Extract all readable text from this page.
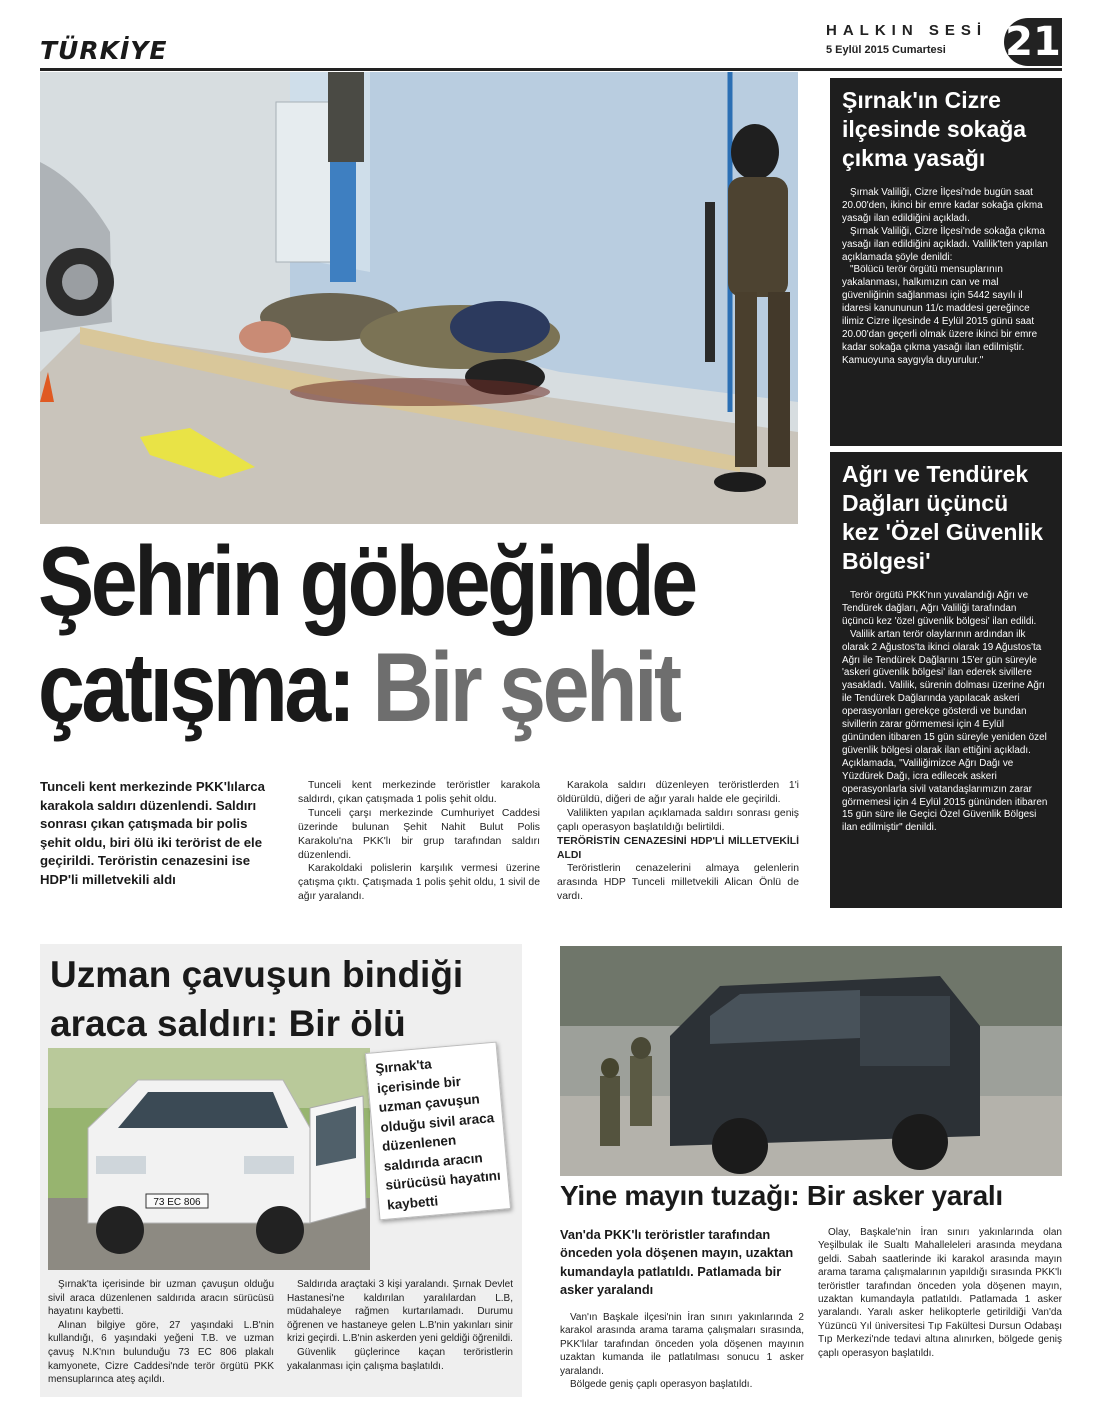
TÜRKİYE
HALKIN SESİ
5 Eylül 2015 Cumartesi 21
Şehrin göbeğinde
çatışma: Bir şehit
Tunceli kent merkezinde PKK'lılarca karakola saldırı düzenlendi. Saldırı sonrası çıkan çatışmada bir polis şehit oldu, biri ölü iki terörist de ele geçirildi. Teröristin cenazesini ise HDP'li milletvekili aldı

Tunceli kent merkezinde teröristler karakola saldırdı, çıkan çatışmada 1 polis şehit oldu.

Tunceli çarşı merkezinde Cumhuriyet Caddesi üzerinde bulunan Şehit Nahit Bulut Polis Karakolu'na PKK'lı bir grup tarafından saldırı düzenlendi.

Karakoldaki polislerin karşılık vermesi üzerine çatışma çıktı. Çatışmada 1 polis şehit oldu, 1 sivil de ağır yaralandı.

Karakola saldırı düzenleyen teröristlerden 1'i öldürüldü, diğeri de ağır yaralı halde ele geçirildi.

Valilikten yapılan açıklamada saldırı sonrası geniş çaplı operasyon başlatıldığı belirtildi.

TERÖRİSTİN CENAZESİNİ HDP'Lİ MİLLETVEKİLİ ALDI

Teröristlerin cenazelerini almaya gelenlerin arasında HDP Tunceli milletvekili Alican Önlü de vardı.

Şırnak'ın Cizre ilçesinde sokağa çıkma yasağı

Şırnak Valiliği, Cizre İlçesi'nde bugün saat 20.00'den, ikinci bir emre kadar sokağa çıkma yasağı ilan edildiğini açıkladı.

Şırnak Valiliği, Cizre İlçesi'nde sokağa çıkma yasağı ilan edildiğini açıkladı. Valilik'ten yapılan açıklamada şöyle denildi:

"Bölücü terör örgütü mensuplarının yakalanması, halkımızın can ve mal güvenliğinin sağlanması için 5442 sayılı il idaresi kanununun 11/c maddesi gereğince ilimiz Cizre ilçesinde 4 Eylül 2015 günü saat 20.00'dan geçerli olmak üzere ikinci bir emre kadar sokağa çıkma yasağı ilan edilmiştir. Kamuoyuna saygıyla duyurulur."

Ağrı ve Tendürek Dağları üçüncü kez 'Özel Güvenlik Bölgesi'

Terör örgütü PKK'nın yuvalandığı Ağrı ve Tendürek dağları, Ağrı Valiliği tarafından üçüncü kez 'özel güvenlik bölgesi' ilan edildi.

Valilik artan terör olaylarının ardından ilk olarak 2 Ağustos'ta ikinci olarak 19 Ağustos'ta Ağrı ile Tendürek Dağlarını 15'er gün süreyle 'askeri güvenlik bölgesi' ilan ederek sivillere yasakladı. Valilik, sürenin dolması üzerine Ağrı ile Tendürek Dağlarında yapılacak askeri operasyonları gerekçe gösterdi ve bundan sivillerin zarar görmemesi için 4 Eylül gününden itibaren 15 gün süreyle yeniden özel güvenlik bölgesi olarak ilan ettiğini açıkladı. Açıklamada, "Valiliğimizce Ağrı Dağı ve Yüzdürek Dağı, icra edilecek askeri operasyonlarla sivil vatandaşlarımızın zarar görmemesi için 4 Eylül 2015 gününden itibaren 15 gün süre ile Geçici Özel Güvenlik Bölgesi ilan edilmiştir" denildi.

Uzman çavuşun bindiği araca saldırı: Bir ölü
73 EC 806
Şırnak'ta içerisinde bir uzman çavuşun olduğu sivil araca düzenlenen saldırıda aracın sürücüsü hayatını kaybetti

Şırnak'ta içerisinde bir uzman çavuşun olduğu sivil araca düzenlenen saldırıda aracın sürücüsü hayatını kaybetti.

Alınan bilgiye göre, 27 yaşındaki L.B'nin kullandığı, 6 yaşındaki yeğeni T.B. ve uzman çavuş N.K'nın bulunduğu 73 EC 806 plakalı kamyonete, Cizre Caddesi'nde terör örgütü PKK mensuplarınca ateş açıldı.

Saldırıda araçtaki 3 kişi yaralandı. Şırnak Devlet Hastanesi'ne kaldırılan yaralılardan L.B, müdahaleye rağmen kurtarılamadı. Durumu öğrenen ve hastaneye gelen L.B'nin yakınları sinir krizi geçirdi. L.B'nin askerden yeni geldiği öğrenildi.

Güvenlik güçlerince kaçan teröristlerin yakalanması için çalışma başlatıldı.

Yine mayın tuzağı: Bir asker yaralı
Van'da PKK'lı teröristler tarafından önceden yola döşenen mayın, uzaktan kumandayla patlatıldı. Patlamada bir asker yaralandı

Van'ın Başkale ilçesi'nin İran sınırı yakınlarında 2 karakol arasında arama tarama çalışmaları sırasında, PKK'lılar tarafından önceden yola döşenen mayının uzaktan kumanda ile patlatılması sonucu 1 asker yaralandı.

Bölgede geniş çaplı operasyon başlatıldı.

Olay, Başkale'nin İran sınırı yakınlarında olan Yeşilbulak ile Sualtı Mahalleleleri arasında meydana geldi. Sabah saatlerinde iki karakol arasında mayın arama tarama çalışmalarının yapıldığı sırasında PKK'lı teröristler tarafından önceden yola döşenen mayın, uzaktan kumandayla patlatıldı. Patlamada 1 asker yaralandı. Yaralı asker helikopterle getirildiği Van'da Yüzüncü Yıl üniversitesi Tıp Fakültesi Dursun Odabaşı Tıp Merkezi'nde tedavi altına alınırken, bölgede geniş çaplı operasyon başlatıldı.
